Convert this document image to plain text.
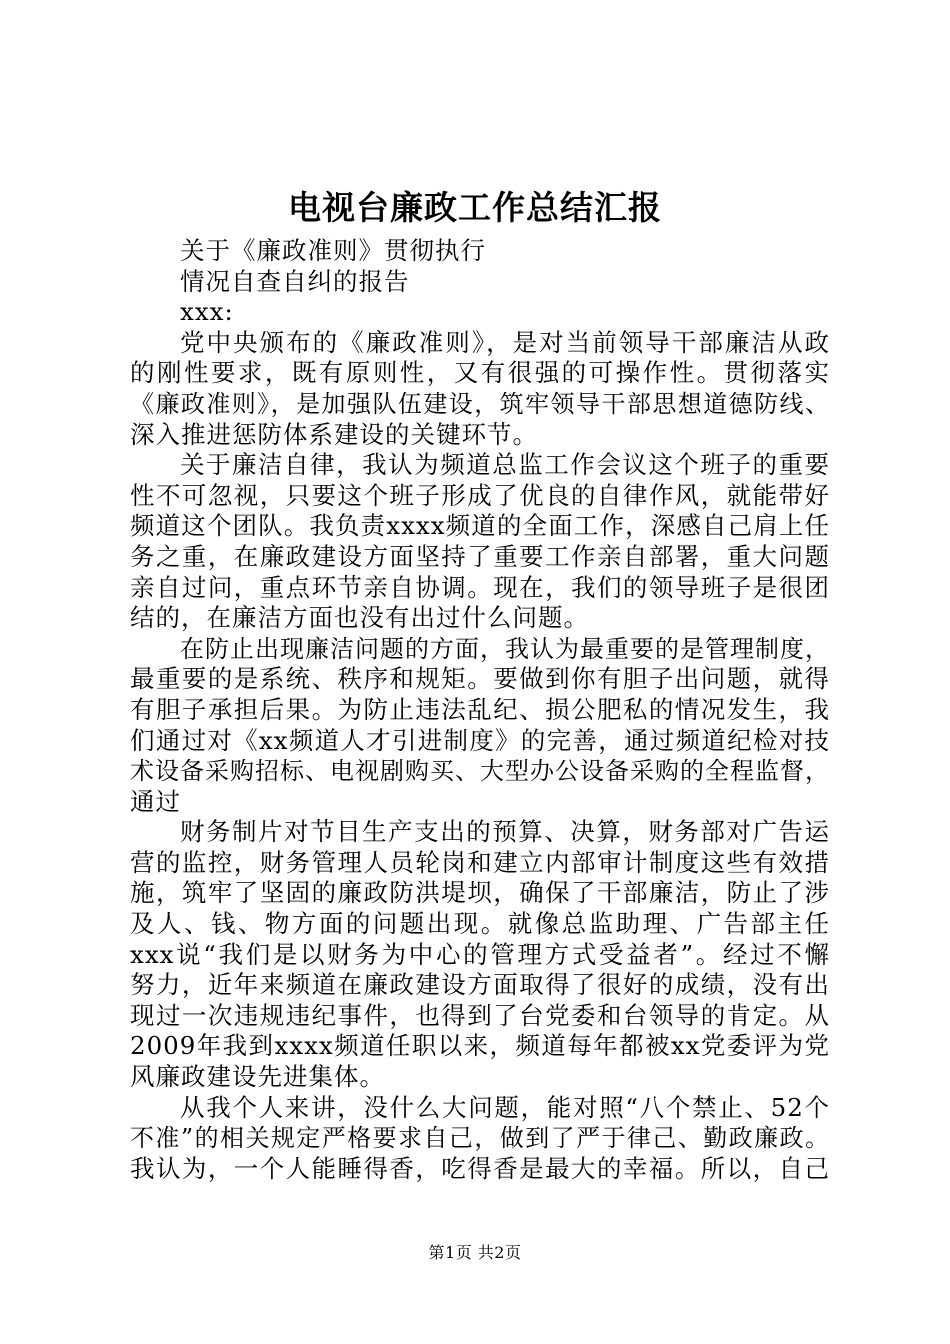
电视台廉政工作总结汇报
关于《廉政准则》贯彻执行
情况自查自纠的报告
xxx:
党中央颁布的《廉政准则》，是对当前领导干部廉洁从政
的刚性要求，既有原则性，又有很强的可操作性。贯彻落实
《廉政准则》，是加强队伍建设，筑牢领导干部思想道德防线、
深入推进惩防体系建设的关键环节。
关于廉洁自律，我认为频道总监工作会议这个班子的重要
性不可忽视，只要这个班子形成了优良的自律作风，就能带好
频道这个团队。我负责xxxx频道的全面工作，深感自己肩上任
务之重，在廉政建设方面坚持了重要工作亲自部署，重大问题
亲自过问，重点环节亲自协调。现在，我们的领导班子是很团
结的，在廉洁方面也没有出过什么问题。
在防止出现廉洁问题的方面，我认为最重要的是管理制度，
最重要的是系统、秩序和规矩。要做到你有胆子出问题，就得
有胆子承担后果。为防止违法乱纪、损公肥私的情况发生，我
们通过对《xx频道人才引进制度》的完善，通过频道纪检对技
术设备采购招标、电视剧购买、大型办公设备采购的全程监督，
通过
财务制片对节目生产支出的预算、决算，财务部对广告运
营的监控，财务管理人员轮岗和建立内部审计制度这些有效措
施，筑牢了坚固的廉政防洪堤坝，确保了干部廉洁，防止了涉
及人、钱、物方面的问题出现。就像总监助理、广告部主任
xxx说“我们是以财务为中心的管理方式受益者”。经过不懈
努力，近年来频道在廉政建设方面取得了很好的成绩，没有出
现过一次违规违纪事件，也得到了台党委和台领导的肯定。从
2009年我到xxxx频道任职以来，频道每年都被xx党委评为党
风廉政建设先进集体。
从我个人来讲，没什么大问题，能对照“八个禁止、52个
不准”的相关规定严格要求自己，做到了严于律己、勤政廉政。
我认为，一个人能睡得香，吃得香是最大的幸福。所以，自己
第1页 共2页
